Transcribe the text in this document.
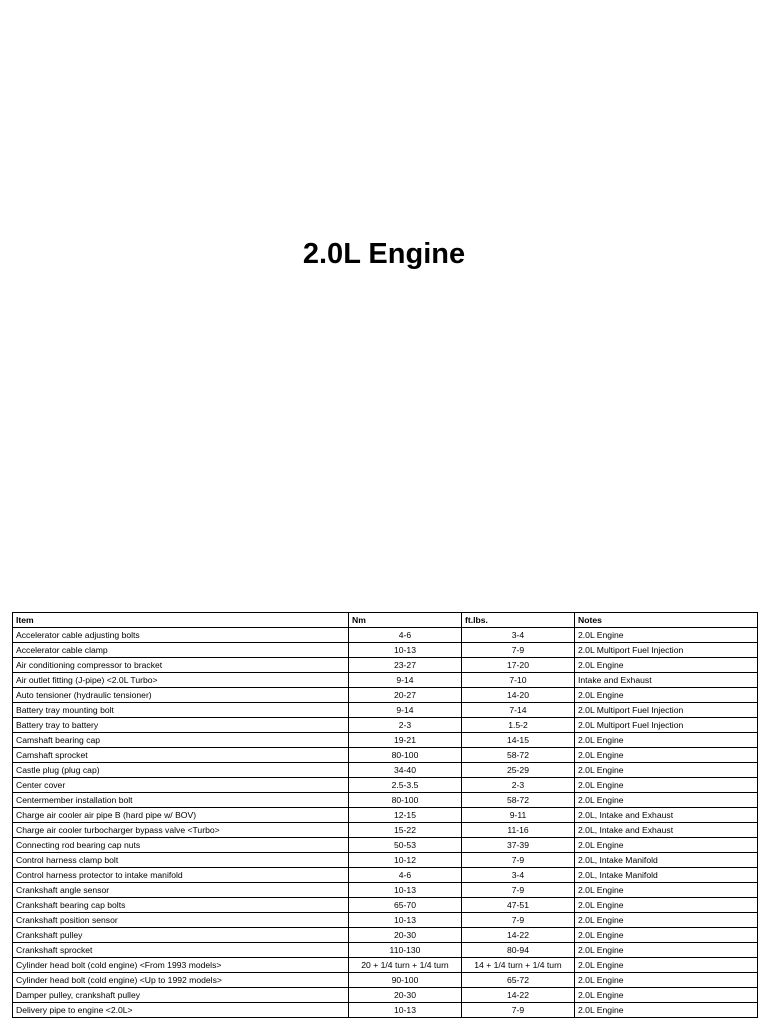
2.0L Engine
Item	Nm	ft.lbs.	Notes
Accelerator cable adjusting bolts	4-6	3-4	2.0L Engine
Accelerator cable clamp	10-13	7-9	2.0L Multiport Fuel Injection
Air conditioning compressor to bracket	23-27	17-20	2.0L Engine
Air outlet fitting (J-pipe) <2.0L Turbo>	9-14	7-10	Intake and Exhaust
Auto tensioner (hydraulic tensioner)	20-27	14-20	2.0L Engine
Battery tray mounting bolt	9-14	7-14	2.0L Multiport Fuel Injection
Battery tray to battery	2-3	1.5-2	2.0L Multiport Fuel Injection
Camshaft bearing cap	19-21	14-15	2.0L Engine
Camshaft sprocket	80-100	58-72	2.0L Engine
Castle plug (plug cap)	34-40	25-29	2.0L Engine
Center cover	2.5-3.5	2-3	2.0L Engine
Centermember installation bolt	80-100	58-72	2.0L Engine
Charge air cooler air pipe B (hard pipe w/ BOV)	12-15	9-11	2.0L, Intake and Exhaust
Charge air cooler turbocharger bypass valve <Turbo>	15-22	11-16	2.0L, Intake and Exhaust
Connecting rod bearing cap nuts	50-53	37-39	2.0L Engine
Control harness clamp bolt	10-12	7-9	2.0L, Intake Manifold
Control harness protector to intake manifold	4-6	3-4	2.0L, Intake Manifold
Crankshaft angle sensor	10-13	7-9	2.0L Engine
Crankshaft bearing cap bolts	65-70	47-51	2.0L Engine
Crankshaft position sensor	10-13	7-9	2.0L Engine
Crankshaft pulley	20-30	14-22	2.0L Engine
Crankshaft sprocket	110-130	80-94	2.0L Engine
Cylinder head bolt (cold engine) <From 1993 models>	20 + 1/4 turn + 1/4 turn	14 + 1/4 turn + 1/4 turn	2.0L Engine
Cylinder head bolt (cold engine) <Up to 1992 models>	90-100	65-72	2.0L Engine
Damper pulley, crankshaft pulley	20-30	14-22	2.0L Engine
Delivery pipe to engine <2.0L>	10-13	7-9	2.0L Engine
